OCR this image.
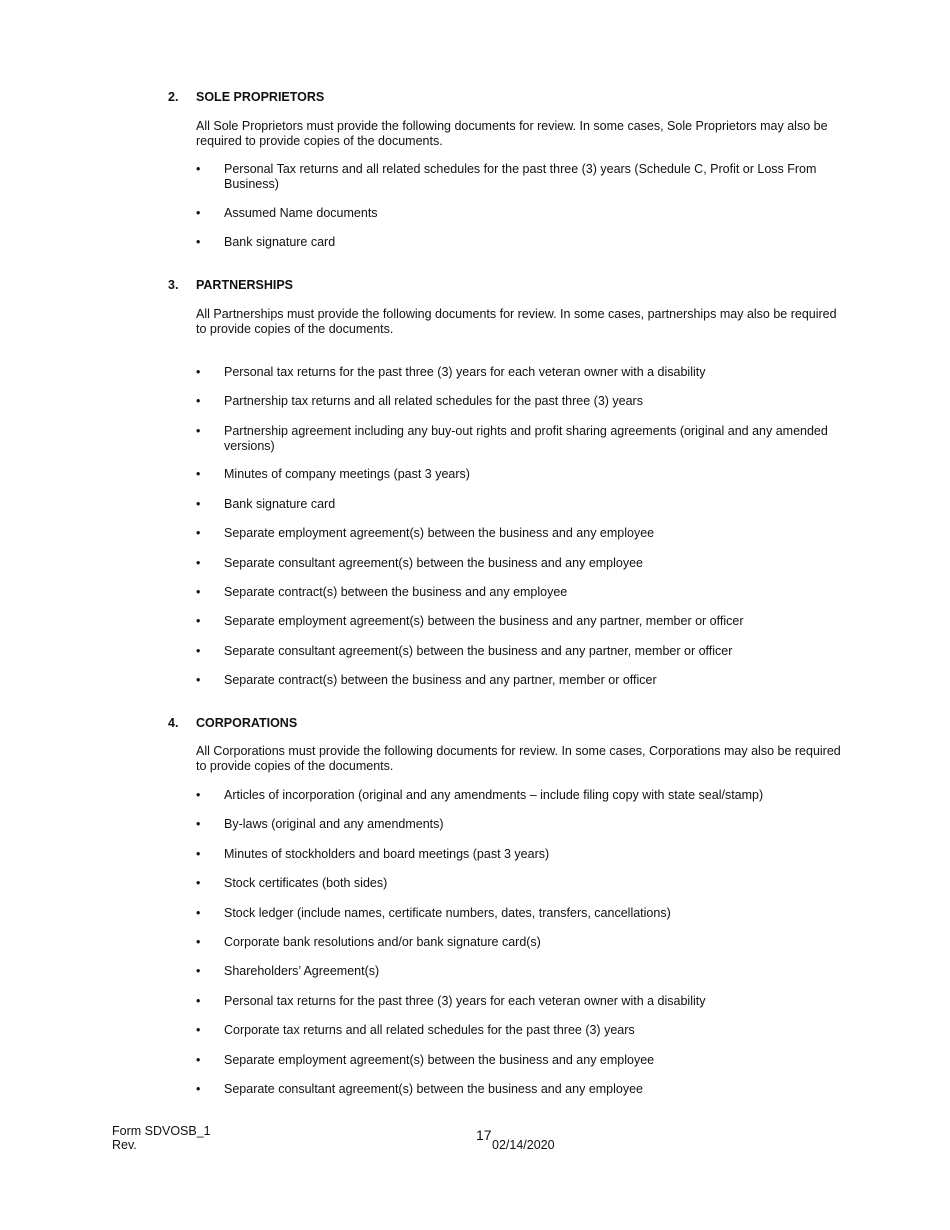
2. SOLE PROPRIETORS
All Sole Proprietors must provide the following documents for review. In some cases, Sole Proprietors may also be required to provide copies of the documents.
•	Personal Tax returns and all related schedules for the past three (3) years (Schedule C, Profit or Loss From Business)
•	Assumed Name documents
•	Bank signature card
3. PARTNERSHIPS
All Partnerships must provide the following documents for review. In some cases, partnerships may also be required to provide copies of the documents.
•	Personal tax returns for the past three (3) years for each veteran owner with a disability
•	Partnership tax returns and all related schedules for the past three (3) years
•	Partnership agreement including any buy-out rights and profit sharing agreements (original and any amended versions)
•	Minutes of company meetings (past 3 years)
•	Bank signature card
•	Separate employment agreement(s) between the business and any employee
•	Separate consultant agreement(s) between the business and any employee
•	Separate contract(s) between the business and any employee
•	Separate employment agreement(s) between the business and any partner, member or officer
•	Separate consultant agreement(s) between the business and any partner, member or officer
•	Separate contract(s) between the business and any partner, member or officer
4. CORPORATIONS
All Corporations must provide the following documents for review. In some cases, Corporations may also be required to provide copies of the documents.
•	Articles of incorporation (original and any amendments – include filing copy with state seal/stamp)
•	By-laws (original and any amendments)
•	Minutes of stockholders and board meetings (past 3 years)
•	Stock certificates (both sides)
•	Stock ledger (include names, certificate numbers, dates, transfers, cancellations)
•	Corporate bank resolutions and/or bank signature card(s)
•	Shareholders’ Agreement(s)
•	Personal tax returns for the past three (3) years for each veteran owner with a disability
•	Corporate tax returns and all related schedules for the past three (3) years
•	Separate employment agreement(s) between the business and any employee
•	Separate consultant agreement(s) between the business and any employee
Form SDVOSB_1
Rev.
17
02/14/2020
